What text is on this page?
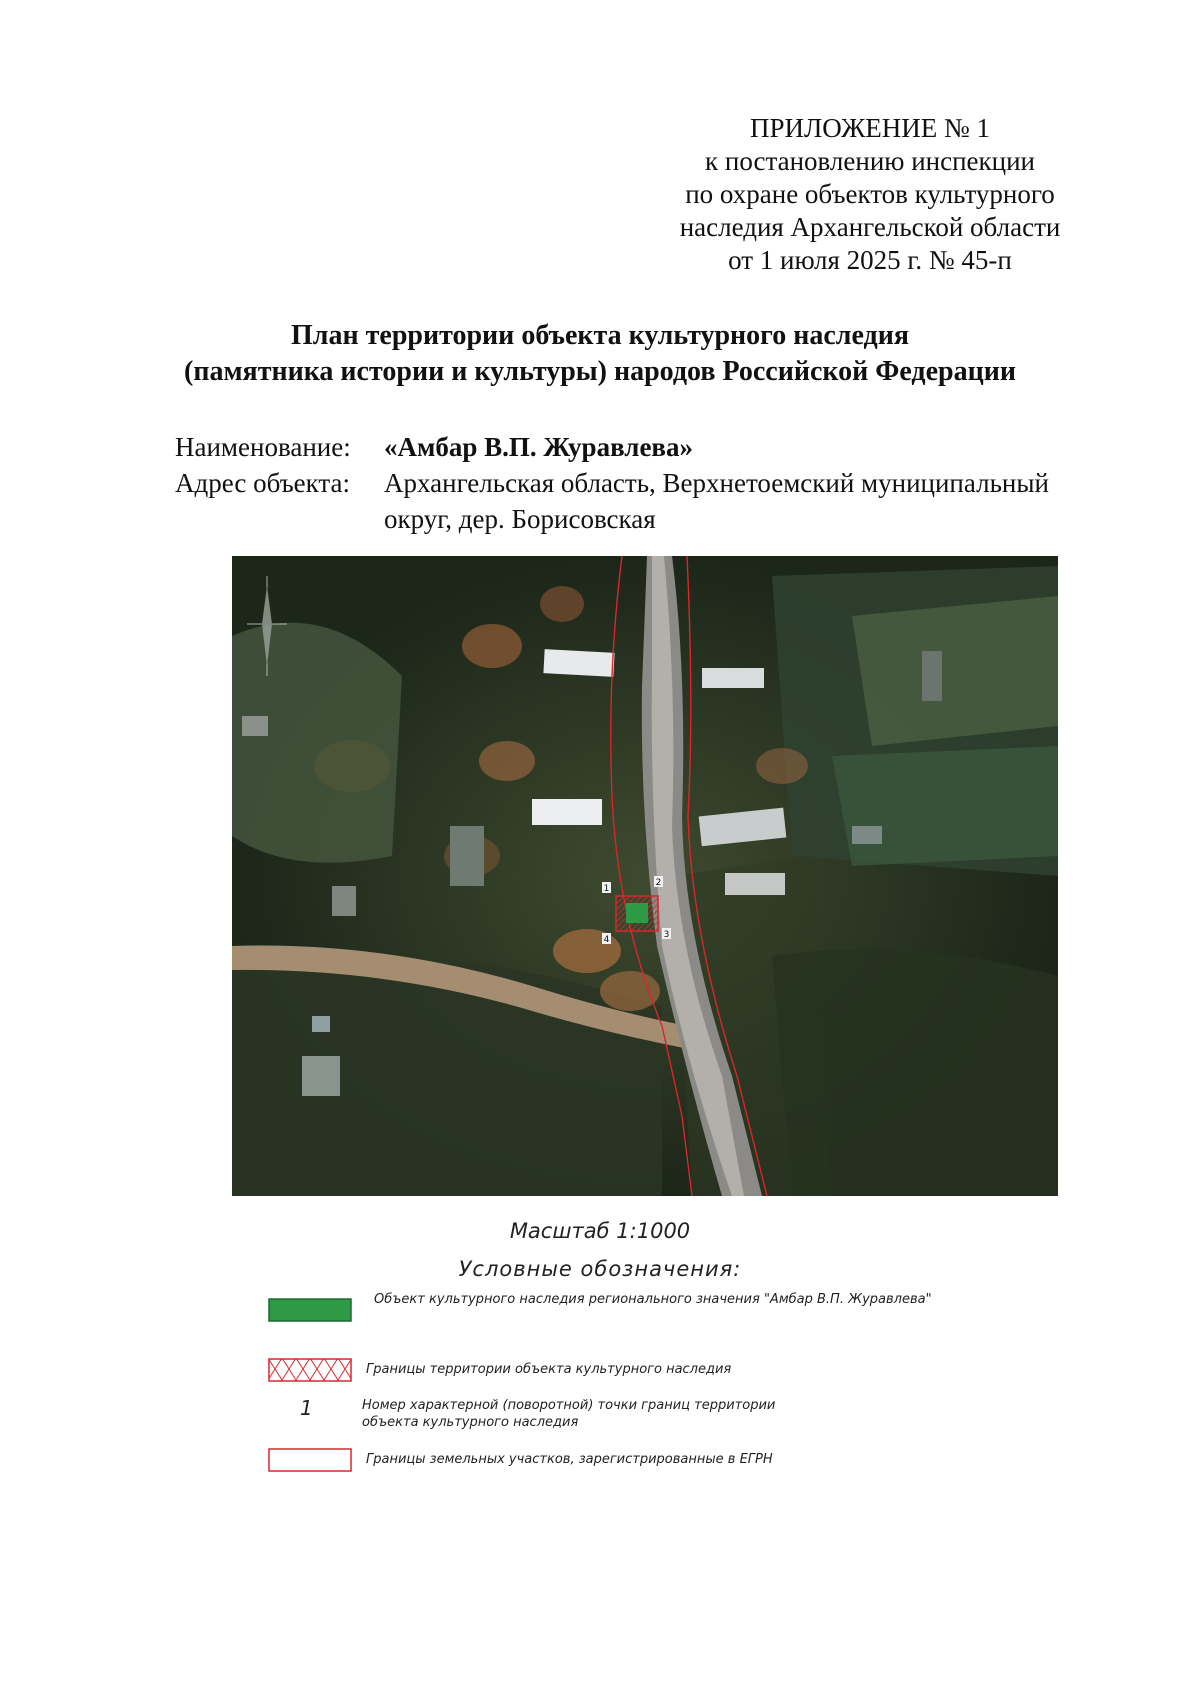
ПРИЛОЖЕНИЕ № 1
к постановлению инспекции
по охране объектов культурного
наследия Архангельской области
от 1 июля 2025 г. № 45-п
План территории объекта культурного наследия
(памятника истории и культуры) народов Российской Федерации
Наименование: «Амбар В.П. Журавлева»
Адрес объекта: Архангельская область, Верхнетоемский муниципальный
округ, дер. Борисовская
1
2
3
4
Масштаб 1:1000
Условные обозначения:
Объект культурного наследия регионального значения "Амбар В.П. Журавлева"
Границы территории объекта культурного наследия
1	Номер характерной (поворотной) точки границ территории
объекта культурного наследия
Границы земельных участков, зарегистрированные в ЕГРН
